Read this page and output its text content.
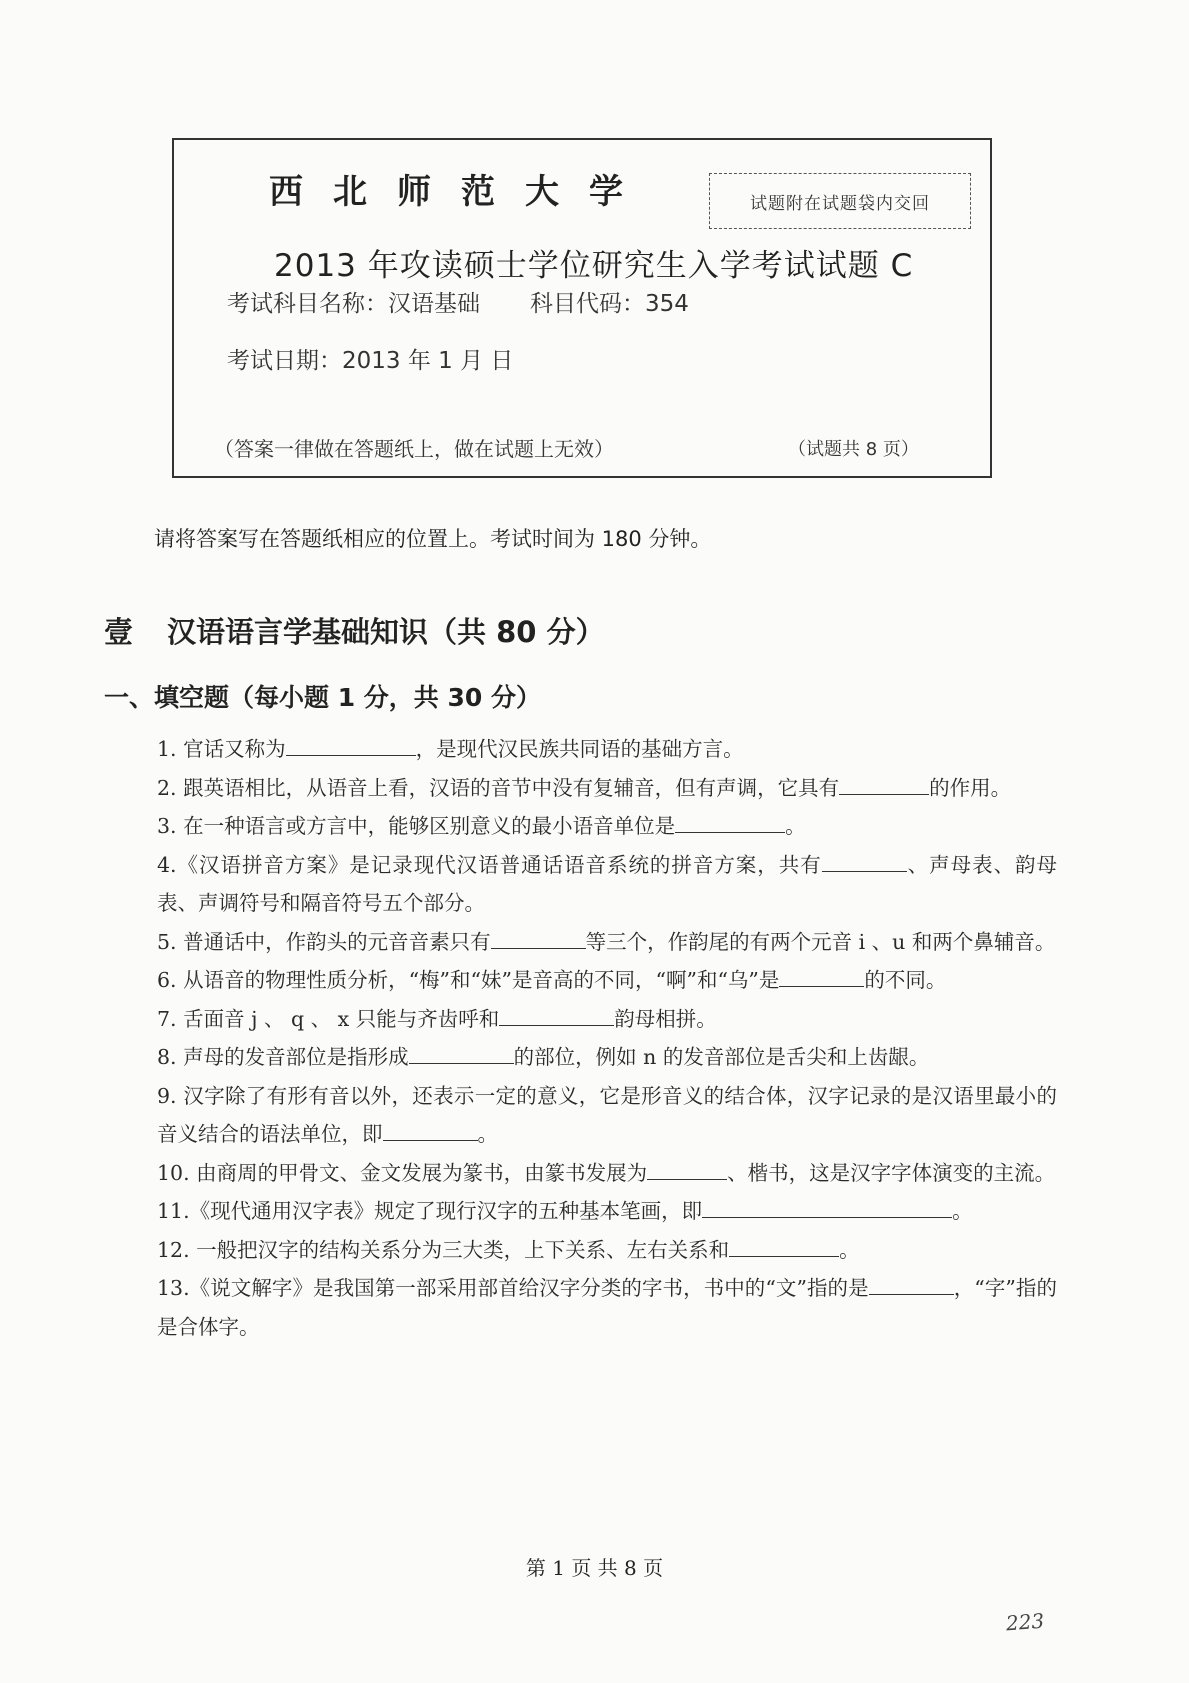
西北师范大学	试题附在试题袋内交回
2013 年攻读硕士学位研究生入学考试试题 C
考试科目名称：汉语基础 科目代码：354
考试日期：2013 年 1 月 日
（答案一律做在答题纸上，做在试题上无效）	（试题共 8 页）
请将答案写在答题纸相应的位置上。考试时间为 180 分钟。
壹 汉语语言学基础知识（共 80 分）
一、填空题（每小题 1 分，共 30 分）

1. 官话又称为	，是现代汉民族共同语的基础方言。

2. 跟英语相比，从语音上看，汉语的音节中没有复辅音，但有声调，它具有	的作用。

3. 在一种语言或方言中，能够区别意义的最小语音单位是	。

4.《汉语拼音方案》是记录现代汉语普通话语音系统的拼音方案，共有	、声母表、韵母表、声调符号和隔音符号五个部分。

5. 普通话中，作韵头的元音音素只有	等三个，作韵尾的有两个元音 i 、u 和两个鼻辅音。

6. 从语音的物理性质分析，“梅”和“妹”是音高的不同，“啊”和“乌”是	的不同。

7. 舌面音 j 、 q 、 x 只能与齐齿呼和	韵母相拼。

8. 声母的发音部位是指形成	的部位，例如 n 的发音部位是舌尖和上齿龈。

9. 汉字除了有形有音以外，还表示一定的意义，它是形音义的结合体，汉字记录的是汉语里最小的音义结合的语法单位，即	。

10. 由商周的甲骨文、金文发展为篆书，由篆书发展为	、楷书，这是汉字字体演变的主流。

11.《现代通用汉字表》规定了现行汉字的五种基本笔画，即	。

12. 一般把汉字的结构关系分为三大类，上下关系、左右关系和	。

13.《说文解字》是我国第一部采用部首给汉字分类的字书，书中的“文”指的是	，“字”指的是合体字。

第 1 页 共 8 页
223
